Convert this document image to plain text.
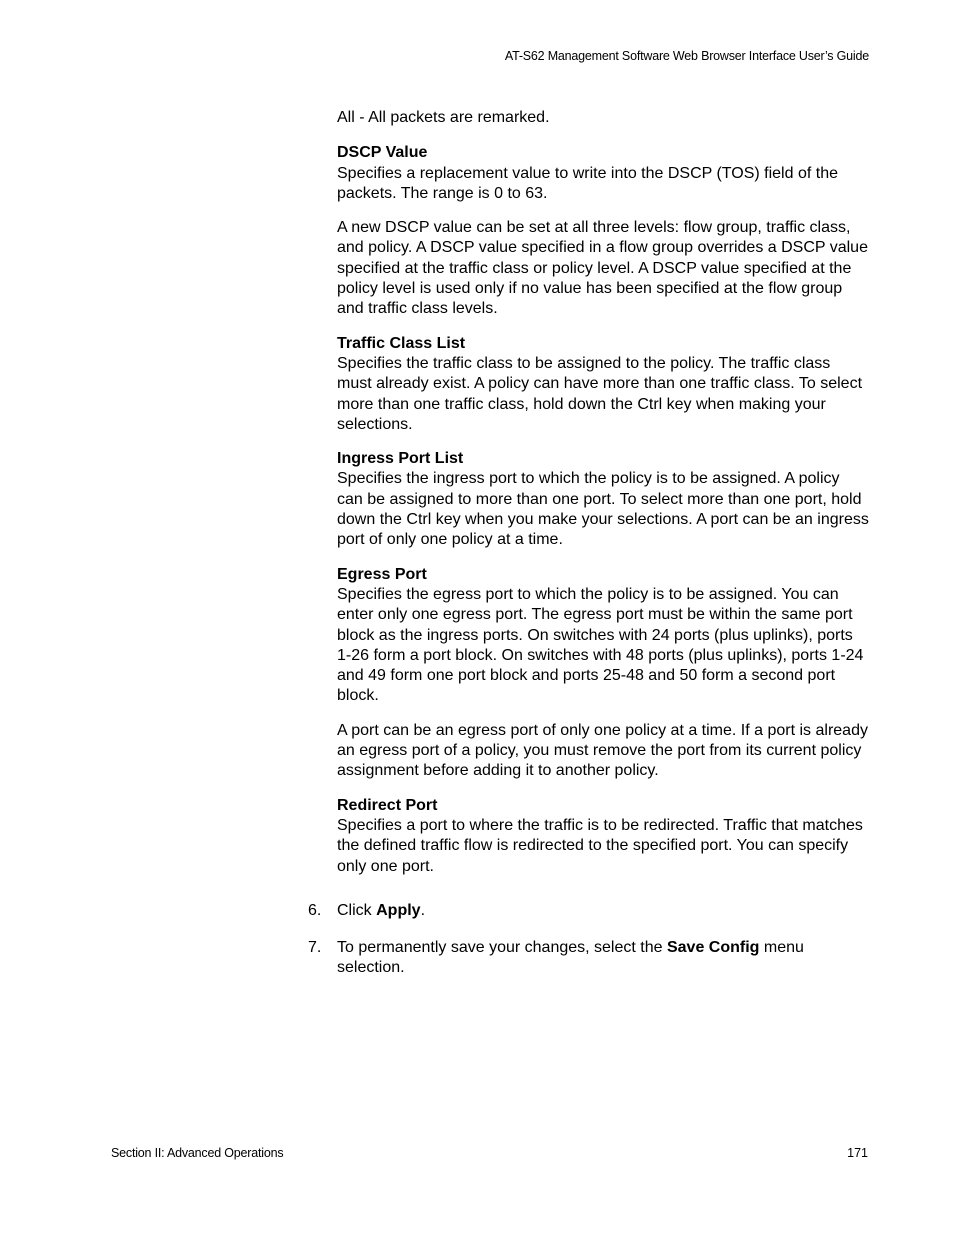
AT-S62 Management Software Web Browser Interface User’s Guide

All - All packets are remarked.

DSCP Value
Specifies a replacement value to write into the DSCP (TOS) field of the packets. The range is 0 to 63.

A new DSCP value can be set at all three levels: flow group, traffic class, and policy. A DSCP value specified in a flow group overrides a DSCP value specified at the traffic class or policy level. A DSCP value specified at the policy level is used only if no value has been specified at the flow group and traffic class levels.

Traffic Class List
Specifies the traffic class to be assigned to the policy. The traffic class must already exist. A policy can have more than one traffic class. To select more than one traffic class, hold down the Ctrl key when making your selections.

Ingress Port List
Specifies the ingress port to which the policy is to be assigned. A policy can be assigned to more than one port. To select more than one port, hold down the Ctrl key when you make your selections. A port can be an ingress port of only one policy at a time.

Egress Port
Specifies the egress port to which the policy is to be assigned. You can enter only one egress port. The egress port must be within the same port block as the ingress ports. On switches with 24 ports (plus uplinks), ports 1-26 form a port block. On switches with 48 ports (plus uplinks), ports 1-24 and 49 form one port block and ports 25-48 and 50 form a second port block.

A port can be an egress port of only one policy at a time. If a port is already an egress port of a policy, you must remove the port from its current policy assignment before adding it to another policy.

Redirect Port
Specifies a port to where the traffic is to be redirected. Traffic that matches the defined traffic flow is redirected to the specified port. You can specify only one port.

6. Click Apply.
7. To permanently save your changes, select the Save Config menu selection.
Section II: Advanced Operations	171
